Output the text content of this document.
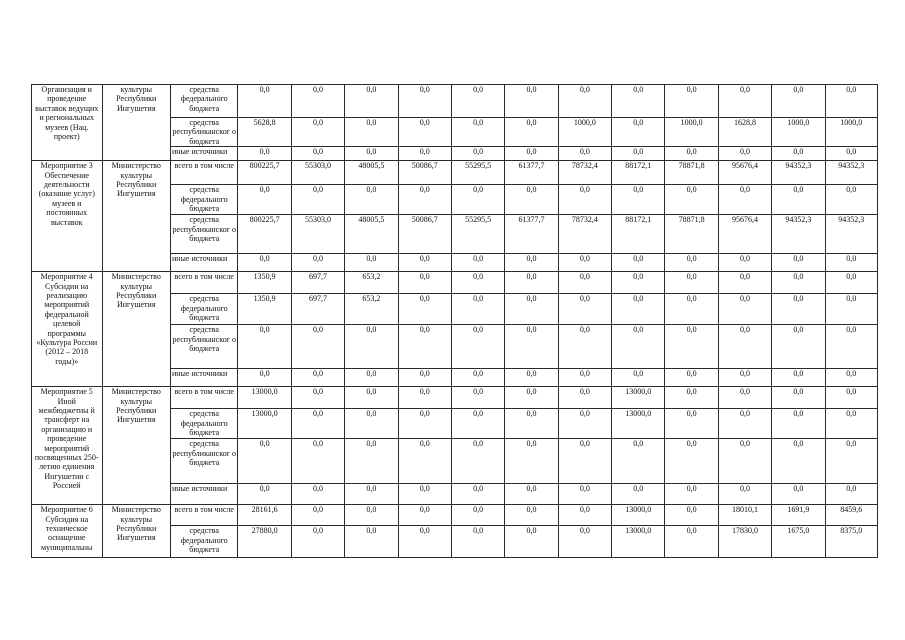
Организация и проведение выставок ведущих и региональных музеев (Нац. проект)	культуры Республики Ингушетия	средства федерального бюджета	0,0	0,0	0,0	0,0	0,0	0,0	0,0	0,0	0,0	0,0	0,0	0,0
		средства республиканског о бюджета	5628,8	0,0	0,0	0,0	0,0	0,0	1000,0	0,0	1000,0	1628,8	1000,0	1000,0
		иные источники	0,0	0,0	0,0	0,0	0,0	0,0	0,0	0,0	0,0	0,0	0,0	0,0
Мероприятие 3 Обеспечение деятельности (оказание услуг) музеев и постоянных выставок	Министерство культуры Республики Ингушетия	всего в том числе	800225,7	55303,0	48005,5	50086,7	55295,5	61377,7	78732,4	88172,1	78871,8	95676,4	94352,3	94352,3
		средства федерального бюджета	0,0	0,0	0,0	0,0	0,0	0,0	0,0	0,0	0,0	0,0	0,0	0,0
		средства республиканског о бюджета	800225,7	55303,0	48005,5	50086,7	55295,5	61377,7	78732,4	88172,1	78871,8	95676,4	94352,3	94352,3
		иные источники	0,0	0,0	0,0	0,0	0,0	0,0	0,0	0,0	0,0	0,0	0,0	0,0
Мероприятие 4 Субсидии на реализацию мероприятий федеральной целевой программы «Культура России (2012 – 2018 годы)»	Министерство культуры Республики Ингушетия	всего в том числе	1350,9	697,7	653,2	0,0	0,0	0,0	0,0	0,0	0,0	0,0	0,0	0,0
		средства федерального бюджета	1350,9	697,7	653,2	0,0	0,0	0,0	0,0	0,0	0,0	0,0	0,0	0,0
		средства республиканског о бюджета	0,0	0,0	0,0	0,0	0,0	0,0	0,0	0,0	0,0	0,0	0,0	0,0
		иные источники	0,0	0,0	0,0	0,0	0,0	0,0	0,0	0,0	0,0	0,0	0,0	0,0
Мероприятие 5 Иной межбюджетны й трансферт на организацию и проведение мероприятий посвященных 250-летию единения Ингушетии с Россией	Министерство культуры Республики Ингушетия	всего в том числе	13000,0	0,0	0,0	0,0	0,0	0,0	0,0	13000,0	0,0	0,0	0,0	0,0
		средства федерального бюджета	13000,0	0,0	0,0	0,0	0,0	0,0	0,0	13000,0	0,0	0,0	0,0	0,0
		средства республиканског о бюджета	0,0	0,0	0,0	0,0	0,0	0,0	0,0	0,0	0,0	0,0	0,0	0,0
		иные источники	0,0	0,0	0,0	0,0	0,0	0,0	0,0	0,0	0,0	0,0	0,0	0,0
Мероприятие 6 Субсидия на техническое оснащение муниципальны	Министерство культуры Республики Ингушетия	всего в том числе	28161,6	0,0	0,0	0,0	0,0	0,0	0,0	13000,0	0,0	18010,1	1691,9	8459,6
		средства федерального бюджета	27880,0	0,0	0,0	0,0	0,0	0,0	0,0	13000,0	0,0	17830,0	1675,0	8375,0
